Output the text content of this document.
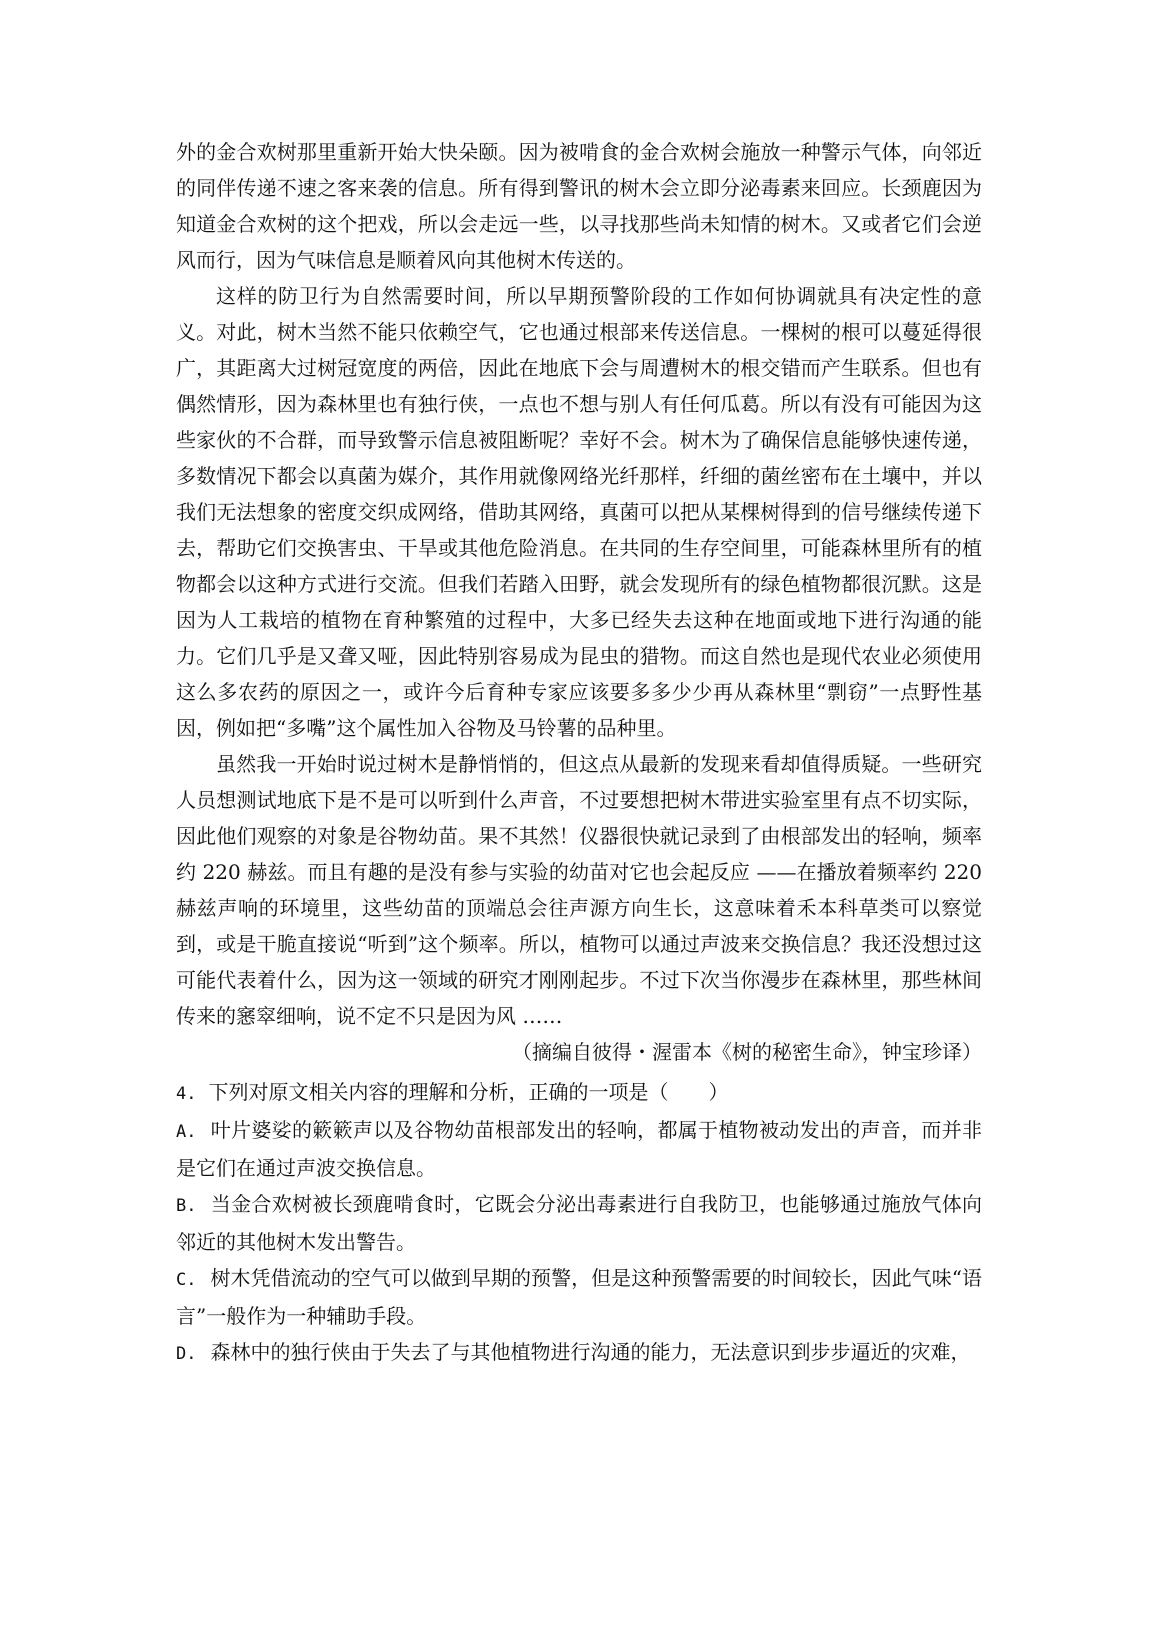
外的金合欢树那里重新开始大快朵颐。因为被啃食的金合欢树会施放一种警示气体，向邻近的同伴传递不速之客来袭的信息。所有得到警讯的树木会立即分泌毒素来回应。长颈鹿因为知道金合欢树的这个把戏，所以会走远一些，以寻找那些尚未知情的树木。又或者它们会逆风而行，因为气味信息是顺着风向其他树木传送的。

这样的防卫行为自然需要时间，所以早期预警阶段的工作如何协调就具有决定性的意义。对此，树木当然不能只依赖空气，它也通过根部来传送信息。一棵树的根可以蔓延得很广，其距离大过树冠宽度的两倍，因此在地底下会与周遭树木的根交错而产生联系。但也有偶然情形，因为森林里也有独行侠，一点也不想与别人有任何瓜葛。所以有没有可能因为这些家伙的不合群，而导致警示信息被阻断呢？幸好不会。树木为了确保信息能够快速传递，多数情况下都会以真菌为媒介，其作用就像网络光纤那样，纤细的菌丝密布在土壤中，并以我们无法想象的密度交织成网络，借助其网络，真菌可以把从某棵树得到的信号继续传递下去，帮助它们交换害虫、干旱或其他危险消息。在共同的生存空间里，可能森林里所有的植物都会以这种方式进行交流。但我们若踏入田野，就会发现所有的绿色植物都很沉默。这是因为人工栽培的植物在育种繁殖的过程中，大多已经失去这种在地面或地下进行沟通的能力。它们几乎是又聋又哑，因此特别容易成为昆虫的猎物。而这自然也是现代农业必须使用这么多农药的原因之一，或许今后育种专家应该要多多少少再从森林里“剽窃”一点野性基因，例如把“多嘴”这个属性加入谷物及马铃薯的品种里。

虽然我一开始时说过树木是静悄悄的，但这点从最新的发现来看却值得质疑。一些研究人员想测试地底下是不是可以听到什么声音，不过要想把树木带进实验室里有点不切实际，因此他们观察的对象是谷物幼苗。果不其然！仪器很快就记录到了由根部发出的轻响，频率约 220 赫兹。而且有趣的是没有参与实验的幼苗对它也会起反应 ——在播放着频率约 220 赫兹声响的环境里，这些幼苗的顶端总会往声源方向生长，这意味着禾本科草类可以察觉到，或是干脆直接说“听到”这个频率。所以，植物可以通过声波来交换信息？我还没想过这可能代表着什么，因为这一领域的研究才刚刚起步。不过下次当你漫步在森林里，那些林间传来的窸窣细响，说不定不只是因为风 ……

（摘编自彼得・渥雷本《树的秘密生命》，钟宝珍译）

4. 下列对原文相关内容的理解和分析，正确的一项是（　　）

A. 叶片婆娑的簌簌声以及谷物幼苗根部发出的轻响，都属于植物被动发出的声音，而并非是它们在通过声波交换信息。

B. 当金合欢树被长颈鹿啃食时，它既会分泌出毒素进行自我防卫，也能够通过施放气体向邻近的其他树木发出警告。

C. 树木凭借流动的空气可以做到早期的预警，但是这种预警需要的时间较长，因此气味“语言”一般作为一种辅助手段。

D. 森林中的独行侠由于失去了与其他植物进行沟通的能力，无法意识到步步逼近的灾难，
